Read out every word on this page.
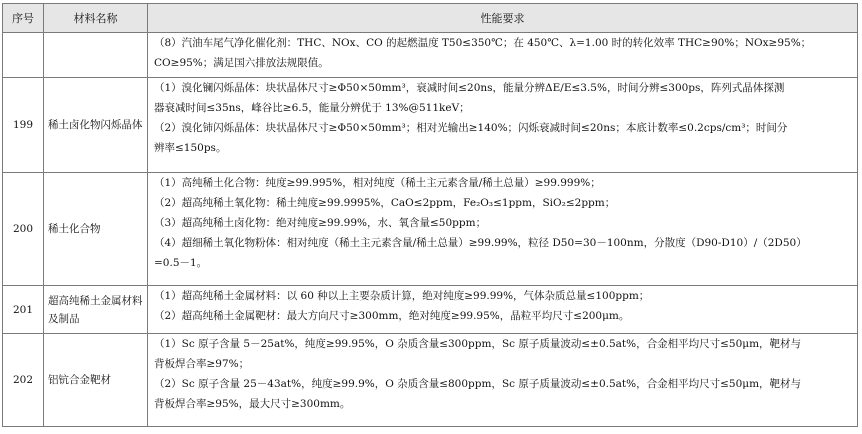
序号	材料名称	性能要求

		（8）汽油车尾气净化催化剂：THC、NOx、CO 的起燃温度 T50≤350℃；在 450℃、λ=1.00 时的转化效率 THC≥90%；NOx≥95%；
CO≥95%；满足国六排放法规限值。

199	稀土卤化物闪烁晶体	（1）溴化镧闪烁晶体：块状晶体尺寸≥Φ50×50mm³，衰减时间≤20ns，能量分辨ΔE/E≤3.5%，时间分辨≤300ps，阵列式晶体探测
器衰减时间≤35ns，峰谷比≥6.5，能量分辨优于 13%@511keV；
（2）溴化铈闪烁晶体：块状晶体尺寸≥Φ50×50mm³；相对光输出≥140%；闪烁衰减时间≤20ns；本底计数率≤0.2cps/cm³；时间分
辨率≤150ps。

200	稀土化合物	（1）高纯稀土化合物：纯度≥99.995%，相对纯度（稀土主元素含量/稀土总量）≥99.999%；
（2）超高纯稀土氧化物：稀土纯度≥99.9995%，CaO≤2ppm，Fe₂O₃≤1ppm，SiO₂≤2ppm；
（3）超高纯稀土卤化物：绝对纯度≥99.99%，水、氧含量≤50ppm；
（4）超细稀土氧化物粉体：相对纯度（稀土主元素含量/稀土总量）≥99.99%，粒径 D50=30－100nm，分散度（D90-D10）/（2D50）
=0.5－1。

201	超高纯稀土金属材料及制品	（1）超高纯稀土金属材料：以 60 种以上主要杂质计算，绝对纯度≥99.99%，气体杂质总量≤100ppm；
（2）超高纯稀土金属靶材：最大方向尺寸≥300mm，绝对纯度≥99.95%，晶粒平均尺寸≤200μm。

202	铝钪合金靶材	（1）Sc 原子含量 5－25at%，纯度≥99.95%，O 杂质含量≤300ppm，Sc 原子质量波动≤±0.5at%，合金相平均尺寸≤50μm，靶材与
背板焊合率≥97%；
（2）Sc 原子含量 25－43at%，纯度≥99.9%，O 杂质含量≤800ppm，Sc 原子质量波动≤±0.5at%，合金相平均尺寸≤50μm，靶材与
背板焊合率≥95%，最大尺寸≥300mm。
